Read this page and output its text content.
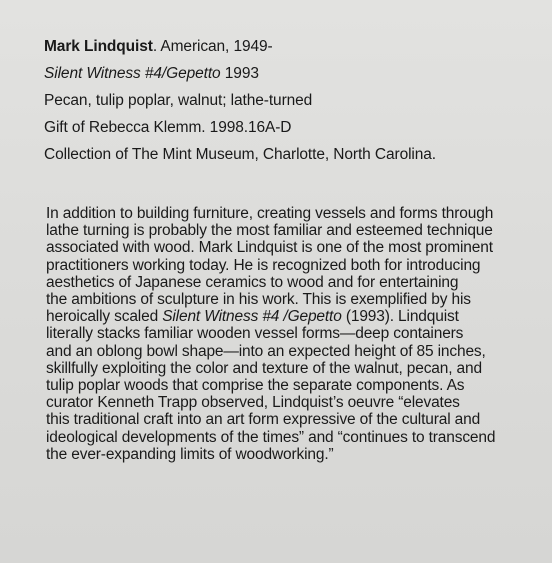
Mark Lindquist. American, 1949-
Silent Witness #4/Gepetto 1993
Pecan, tulip poplar, walnut; lathe-turned
Gift of Rebecca Klemm. 1998.16A-D
Collection of The Mint Museum, Charlotte, North Carolina.
In addition to building furniture, creating vessels and forms through
lathe turning is probably the most familiar and esteemed technique
associated with wood. Mark Lindquist is one of the most prominent
practitioners working today. He is recognized both for introducing
aesthetics of Japanese ceramics to wood and for entertaining
the ambitions of sculpture in his work. This is exemplified by his
heroically scaled Silent Witness #4 /Gepetto (1993). Lindquist
literally stacks familiar wooden vessel forms—deep containers
and an oblong bowl shape—into an expected height of 85 inches,
skillfully exploiting the color and texture of the walnut, pecan, and
tulip poplar woods that comprise the separate components. As
curator Kenneth Trapp observed, Lindquist’s oeuvre “elevates
this traditional craft into an art form expressive of the cultural and
ideological developments of the times” and “continues to transcend
the ever-expanding limits of woodworking.”
